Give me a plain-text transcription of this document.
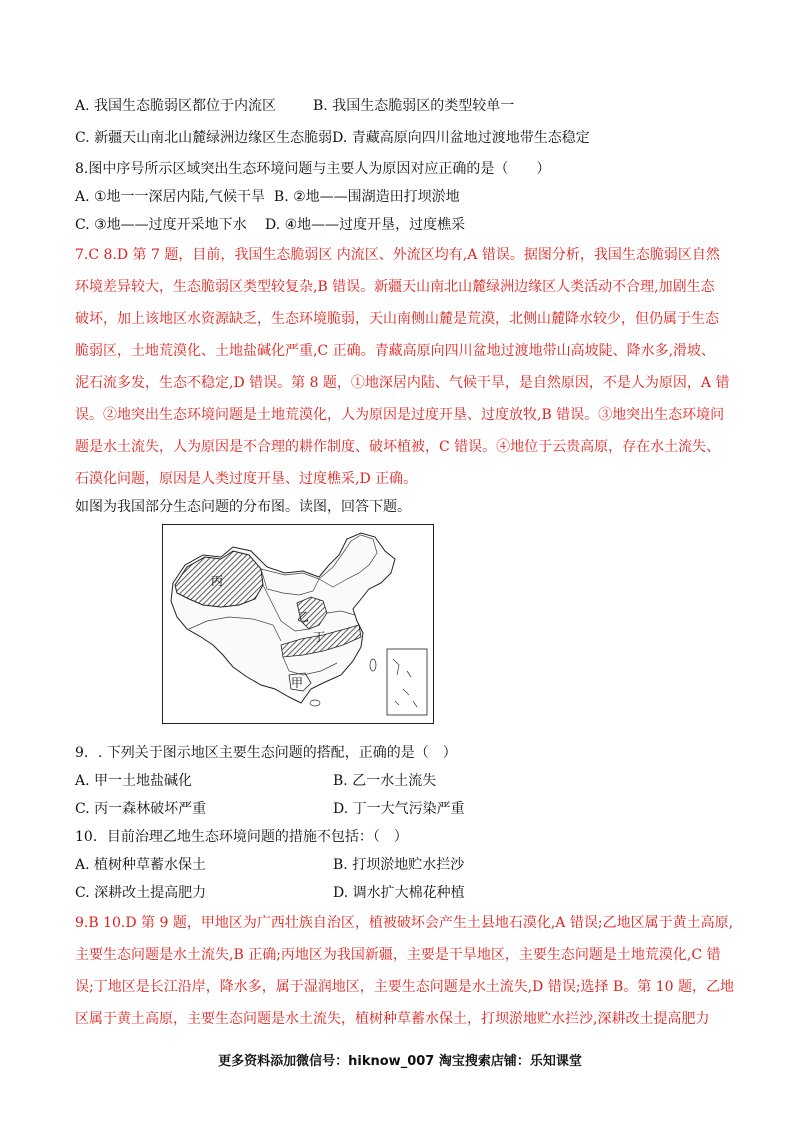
A. 我国生态脆弱区都位于内流区	B. 我国生态脆弱区的类型较单一
C. 新疆天山南北山麓绿洲边缘区生态脆弱D. 青藏高原向四川盆地过渡地带生态稳定
8.图中序号所示区域突出生态环境问题与主要人为原因对应正确的是（　　）
A. ①地一一深居内陆,气候干旱 B. ②地——围湖造田打坝淤地
C. ③地——过度开采地下水 D. ④地——过度开垦，过度樵采
7.C 8.D 第 7 题，目前，我国生态脆弱区 内流区、外流区均有,A 错误。据图分析，我国生态脆弱区自然
环境差异较大，生态脆弱区类型较复杂,B 错误。新疆天山南北山麓绿洲边缘区人类活动不合理,加剧生态
破坏，加上该地区水资源缺乏，生态环境脆弱，天山南侧山麓是荒漠，北侧山麓降水较少，但仍属于生态
脆弱区，土地荒漠化、土地盐碱化严重,C 正确。青藏高原向四川盆地过渡地带山高坡陡、降水多,滑坡、
泥石流多发，生态不稳定,D 错误。第 8 题，①地深居内陆、气候干旱，是自然原因，不是人为原因，A 错
误。②地突出生态环境问题是土地荒漠化，人为原因是过度开垦、过度放牧,B 错误。③地突出生态环境问
题是水土流失，人为原因是不合理的耕作制度、破坏植被，C 错误。④地位于云贵高原，存在水土流失、
石漠化问题，原因是人类过度开垦、过度樵采,D 正确。
如图为我国部分生态问题的分布图。读图，回答下题。
丙
乙
丁
甲
9．. 下列关于图示地区主要生态问题的搭配，正确的是（　）
A. 甲一土地盐碱化	B. 乙一水土流失
C. 丙一森林破坏严重	D. 丁一大气污染严重
10．目前治理乙地生态环境问题的措施不包括：（　）
A. 植树种草蓄水保土	B. 打坝淤地贮水拦沙
C. 深耕改土提高肥力	D. 调水扩大棉花种植
9.B 10.D 第 9 题，甲地区为广西壮族自治区，植被破坏会产生土县地石漠化,A 错误;乙地区属于黄土高原,
主要生态问题是水土流失,B 正确;丙地区为我国新疆，主要是干旱地区，主要生态问题是土地荒漠化,C 错
误;丁地区是长江沿岸，降水多，属于湿润地区，主要生态问题是水土流失,D 错误;选择 B。第 10 题，乙地
区属于黄土高原，主要生态问题是水土流失，植树种草蓄水保土，打坝淤地贮水拦沙,深耕改土提高肥力
更多资料添加微信号：hiknow_007 淘宝搜索店铺：乐知课堂
